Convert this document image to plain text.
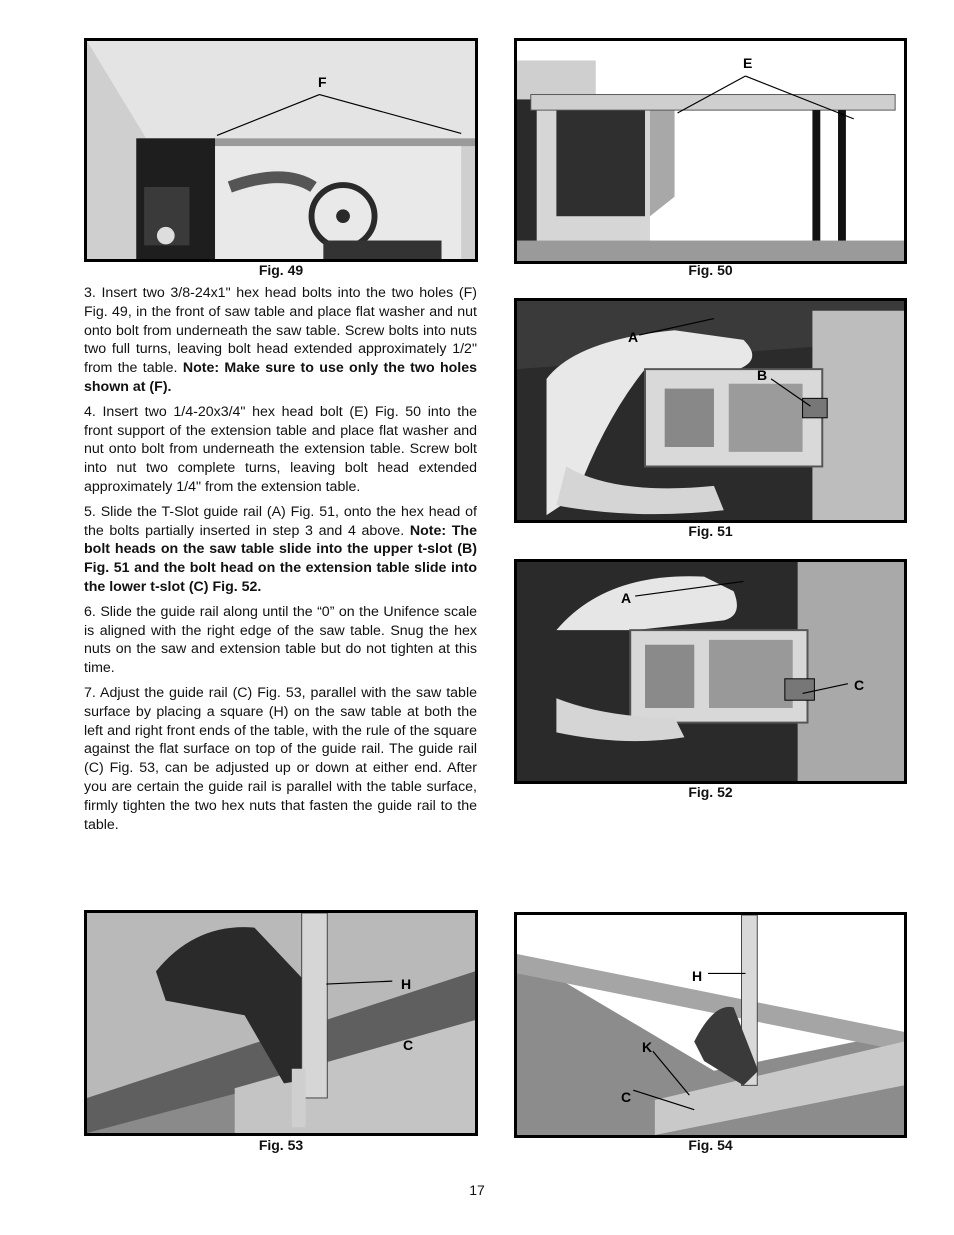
F
Fig. 49
E
Fig. 50

3. Insert two 3/8-24x1" hex head bolts into the two holes (F) Fig. 49, in the front of saw table and place flat washer and nut onto bolt from underneath the saw table. Screw bolts into nuts two full turns, leaving bolt head extended approximately 1/2" from the table. Note: Make sure to use only the two holes shown at (F).

4. Insert two 1/4-20x3/4" hex head bolt (E) Fig. 50 into the front support of the extension table and place flat washer and nut onto bolt from underneath the extension table. Screw bolt into nut two complete turns, leaving bolt head extended approximately 1/4" from the extension table.

5. Slide the T-Slot guide rail (A) Fig. 51, onto the hex head of the bolts partially inserted in step 3 and 4 above. Note: The bolt heads on the saw table slide into the upper t-slot (B) Fig. 51 and the bolt head on the extension table slide into the lower t-slot (C) Fig. 52.

6. Slide the guide rail along until the “0” on the Unifence scale is aligned with the right edge of the saw table. Snug the hex nuts on the saw and extension table but do not tighten at this time.

7. Adjust the guide rail (C) Fig. 53, parallel with the saw table surface by placing a square (H) on the saw table at both the left and right front ends of the table, with the rule of the square against the flat surface on top of the guide rail. The guide rail (C) Fig. 53, can be adjusted up or down at either end. After you are certain the guide rail is parallel with the table surface, firmly tighten the two hex nuts that fasten the guide rail to the table.

A
B
Fig. 51
A
C
Fig. 52
H
C
Fig. 53
H
K
C
Fig. 54
17
